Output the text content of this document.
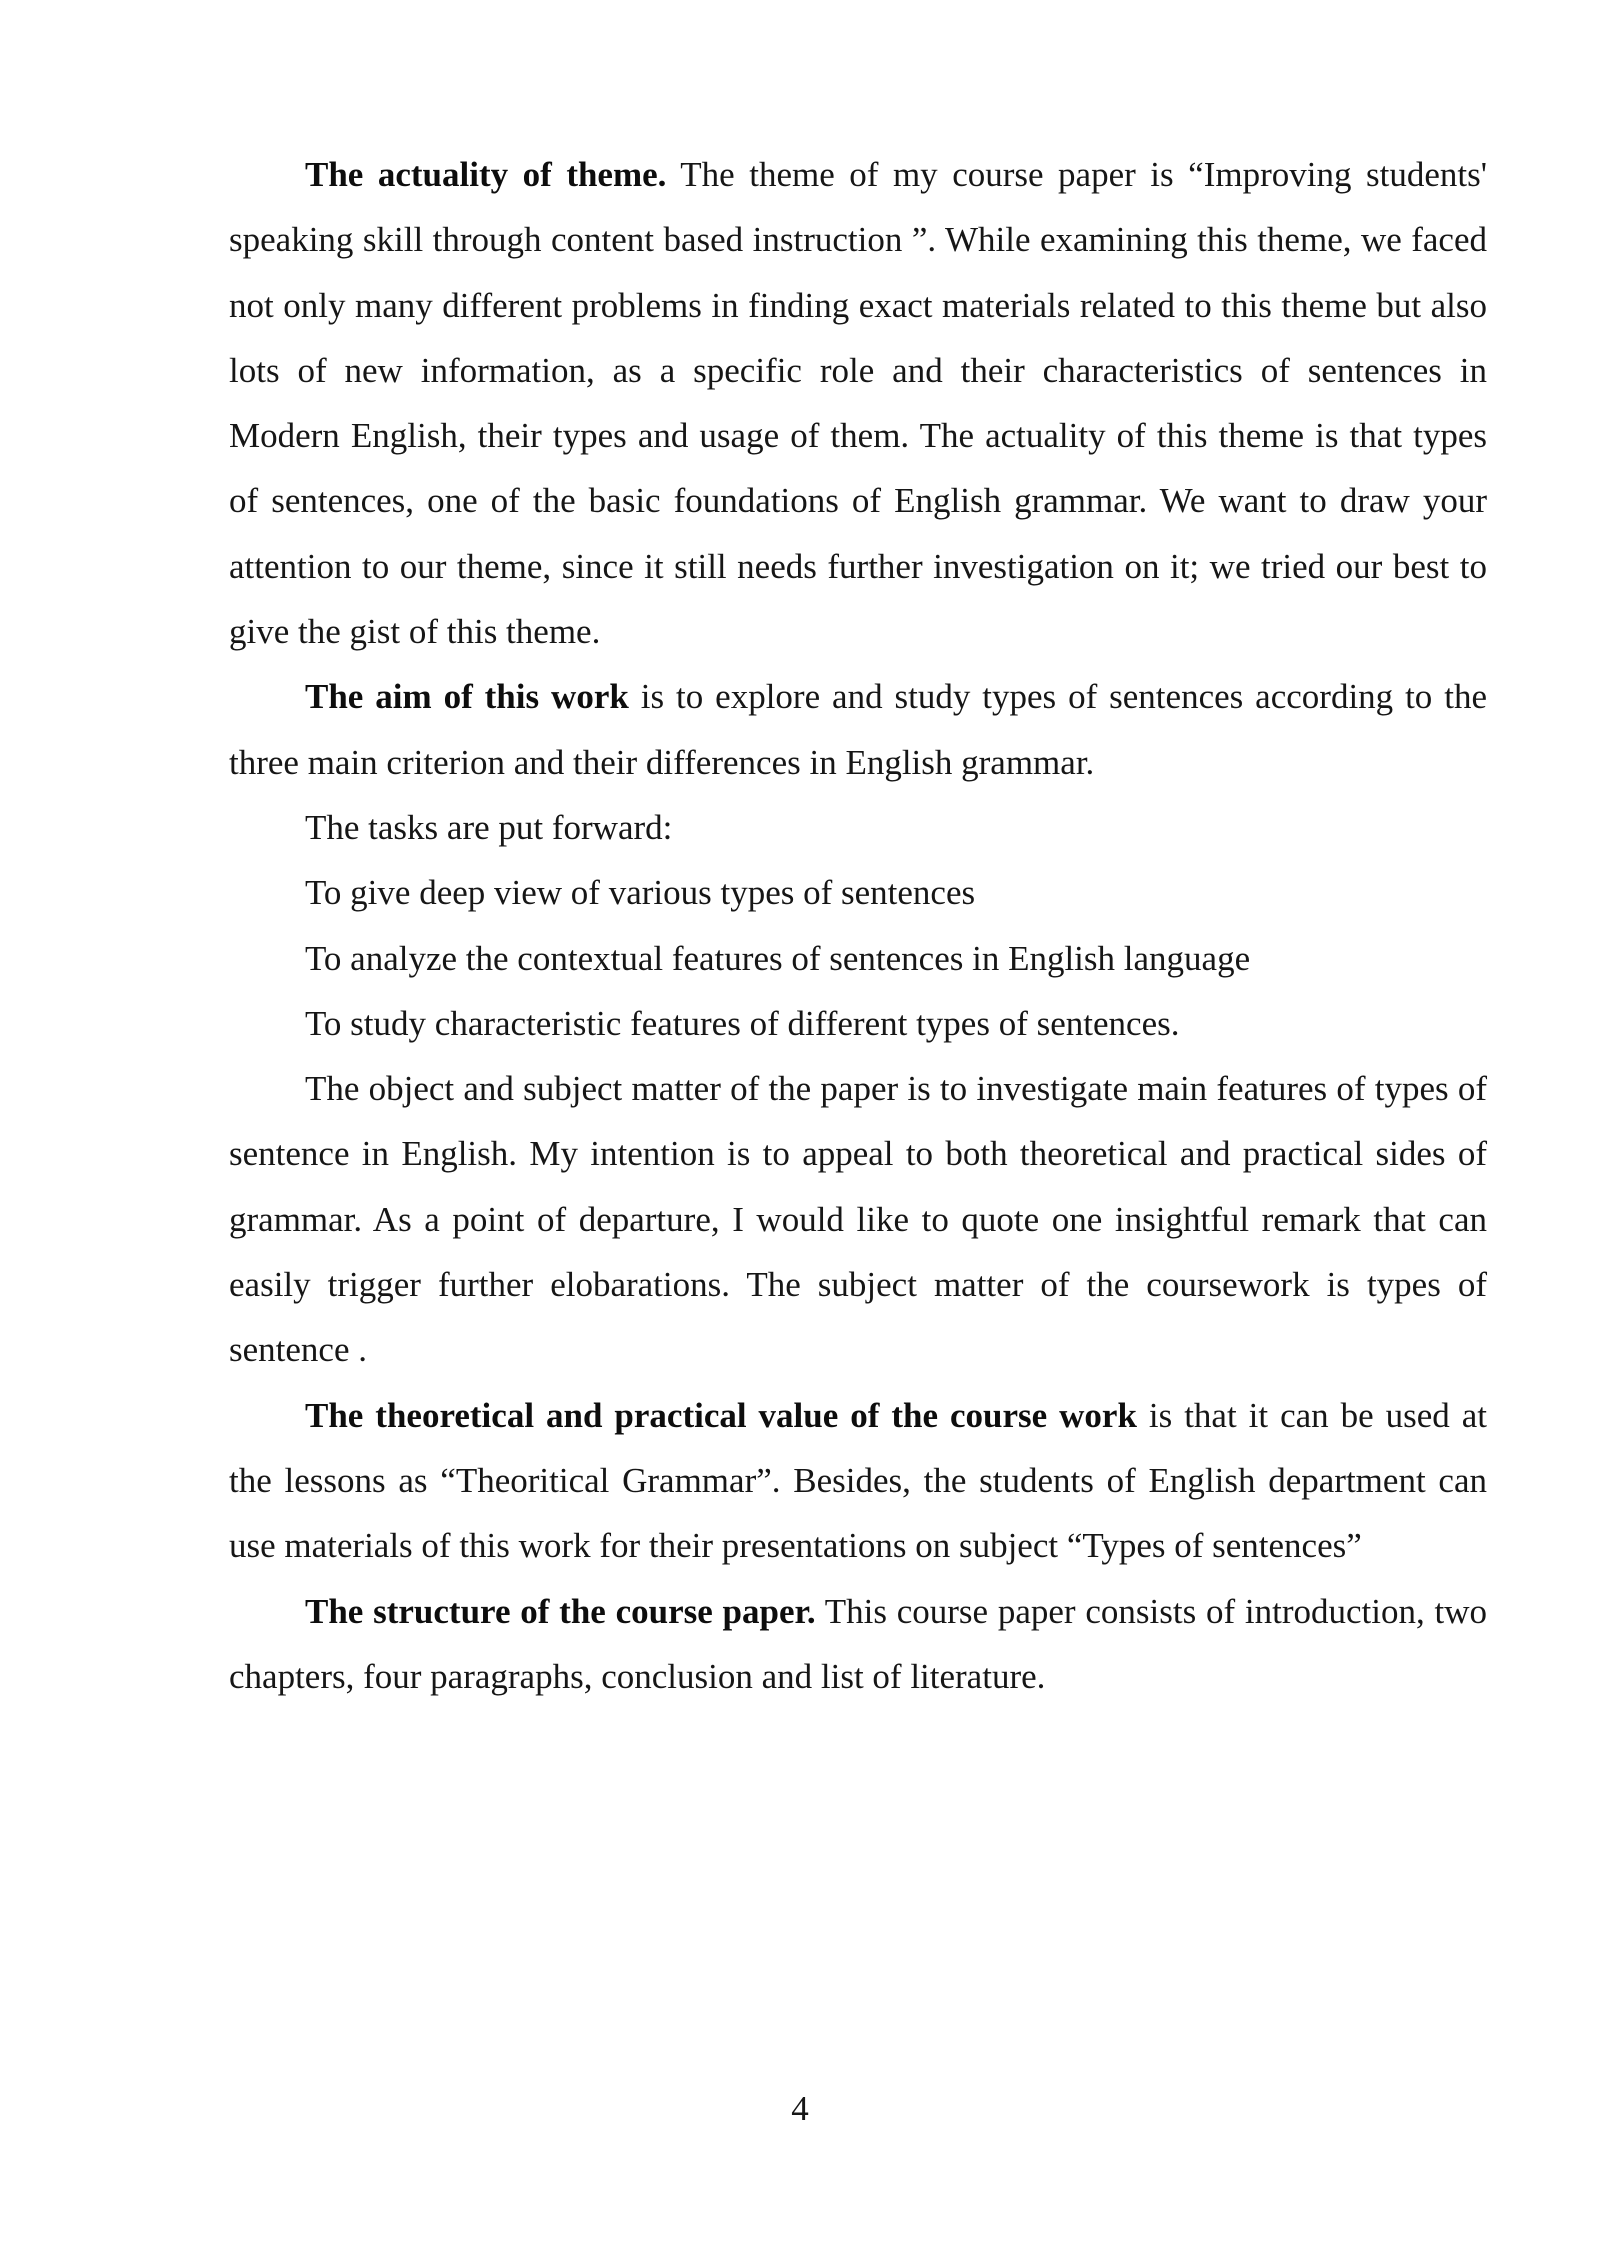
The actuality of theme. The theme of my course paper is “Improving students' speaking skill through content based instruction ”. While examining this theme, we faced not only many different problems in finding exact materials related to this theme but also lots of new information, as a specific role and their characteristics of sentences in Modern English, their types and usage of them. The actuality of this theme is that types of sentences, one of the basic foundations of English grammar. We want to draw your attention to our theme, since it still needs further investigation on it; we tried our best to give the gist of this theme.

The aim of this work is to explore and study types of sentences according to the three main criterion and their differences in English grammar.

The tasks are put forward:

To give deep view of various types of sentences

To analyze the contextual features of sentences in English language

To study characteristic features of different types of sentences.

The object and subject matter of the paper is to investigate main features of types of sentence in English. My intention is to appeal to both theoretical and practical sides of grammar. As a point of departure, I would like to quote one insightful remark that can easily trigger further elobarations. The subject matter of the coursework is types of sentence .

The theoretical and practical value of the course work is that it can be used at the lessons as “Theoritical Grammar”. Besides, the students of English department can use materials of this work for their presentations on subject “Types of sentences”

The structure of the course paper. This course paper consists of introduction, two chapters, four paragraphs, conclusion and list of literature.

4
